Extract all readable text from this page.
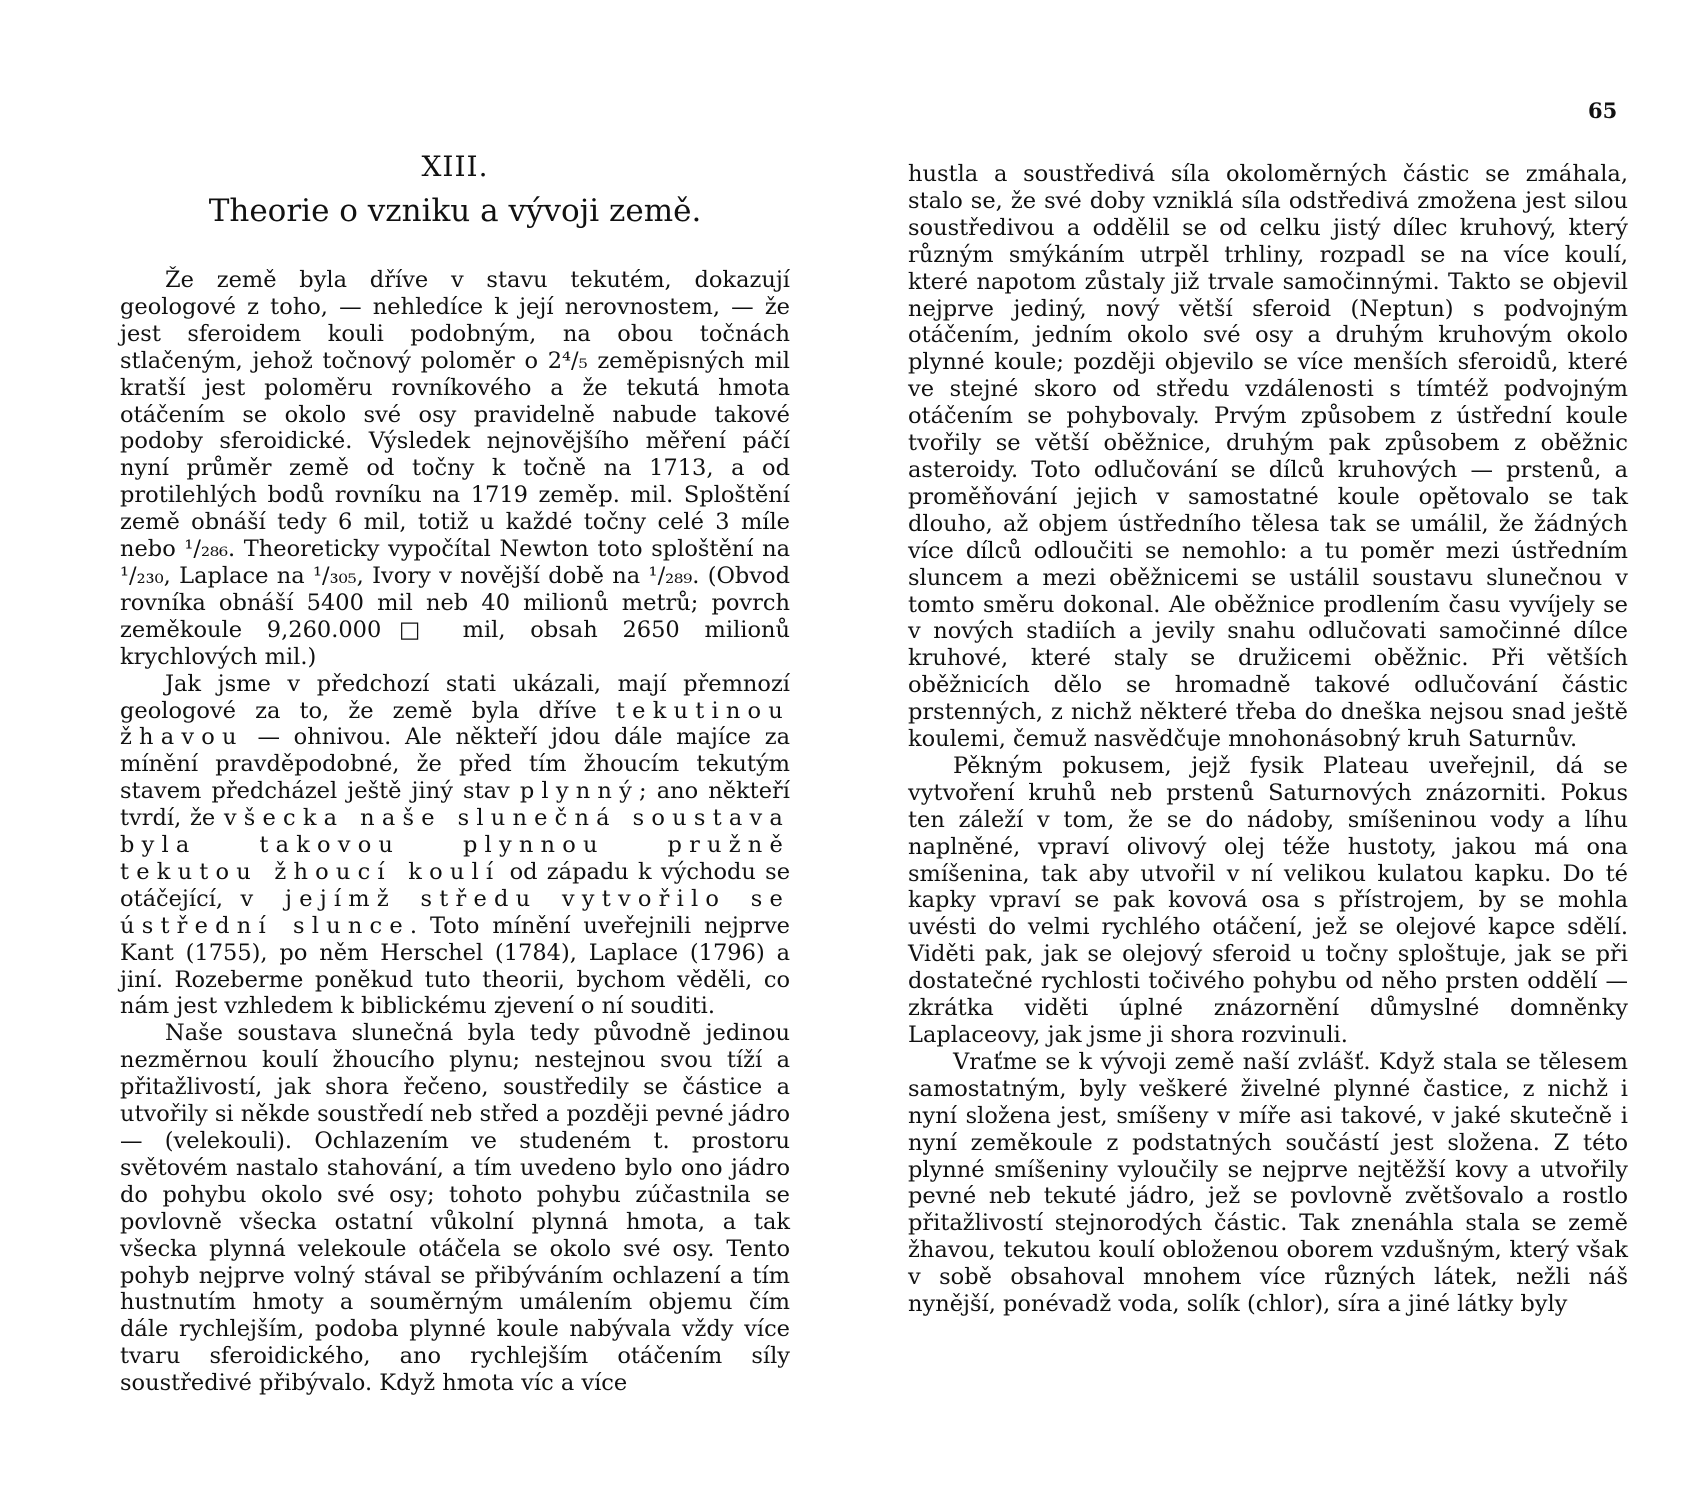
65
XIII.
Theorie o vzniku a vývoji země.

Že země byla dříve v stavu tekutém, dokazují geologové z toho, — nehledíce k její nerovnostem, — že jest sferoidem kouli podobným, na obou točnách stlačeným, jehož točnový poloměr o 2⁴/₅ zeměpisných mil kratší jest poloměru rovníkového a že tekutá hmota otáčením se okolo své osy pravidelně nabude takové podoby sferoidické. Výsledek nejnovějšího měření páčí nyní průměr země od točny k točně na 1713, a od protilehlých bodů rovníku na 1719 zeměp. mil. Sploštění země obnáší tedy 6 mil, totiž u každé točny celé 3 míle nebo ¹/₂₈₆. Theoreticky vypočítal Newton toto sploštění na ¹/₂₃₀, Laplace na ¹/₃₀₅, Ivory v novější době na ¹/₂₈₉. (Obvod rovníka obnáší 5400 mil neb 40 milionů metrů; povrch zeměkoule 9,260.000□ mil, obsah 2650 milionů krychlových mil.)

Jak jsme v předchozí stati ukázali, mají přemnozí geologové za to, že země byla dříve tekutinou žhavou — ohnivou. Ale někteří jdou dále majíce za mínění pravděpodobné, že před tím žhoucím tekutým stavem předcházel ještě jiný stav plynný; ano někteří tvrdí, že všecka naše slunečná soustava byla takovou plynnou pružně tekutou žhoucí koulí od západu k východu se otáčející, v jejímž středu vytvořilo se ústřední slunce. Toto mínění uveřejnili nejprve Kant (1755), po něm Herschel (1784), Laplace (1796) a jiní. Rozeberme poněkud tuto theorii, bychom věděli, co nám jest vzhledem k biblickému zjevení o ní souditi.

Naše soustava slunečná byla tedy původně jedinou nezměrnou koulí žhoucího plynu; nestejnou svou tíží a přitažlivostí, jak shora řečeno, soustředily se částice a utvořily si někde soustředí neb střed a později pevné jádro — (velekouli). Ochlazením ve studeném t. prostoru světovém nastalo stahování, a tím uvedeno bylo ono jádro do pohybu okolo své osy; tohoto pohybu zúčastnila se povlovně všecka ostatní vůkolní plynná hmota, a tak všecka plynná velekoule otáčela se okolo své osy. Tento pohyb nejprve volný stával se přibýváním ochlazení a tím hustnutím hmoty a souměrným umálením objemu čím dále rychlejším, podoba plynné koule nabývala vždy více tvaru sferoidického, ano rychlejším otáčením síly soustředivé přibývalo. Když hmota víc a více

hustla a soustředivá síla okoloměrných částic se zmáhala, stalo se, že své doby vzniklá síla odstředivá zmožena jest silou soustředivou a oddělil se od celku jistý dílec kruhový, který různým smýkáním utrpěl trhliny, rozpadl se na více koulí, které napotom zůstaly již trvale samočinnými. Takto se objevil nejprve jediný, nový větší sferoid (Neptun) s podvojným otáčením, jedním okolo své osy a druhým kruhovým okolo plynné koule; později objevilo se více menších sferoidů, které ve stejné skoro od středu vzdálenosti s tímtéž podvojným otáčením se pohybovaly. Prvým způsobem z ústřední koule tvořily se větší oběžnice, druhým pak způsobem z oběžnic asteroidy. Toto odlučování se dílců kruhových — prstenů, a proměňování jejich v samostatné koule opětovalo se tak dlouho, až objem ústředního tělesa tak se umálil, že žádných více dílců odloučiti se nemohlo: a tu poměr mezi ústředním sluncem a mezi oběžnicemi se ustálil soustavu slunečnou v tomto směru dokonal. Ale oběžnice prodlením času vyvíjely se v nových stadiích a jevily snahu odlučovati samočinné dílce kruhové, které staly se družicemi oběžnic. Při větších oběžnicích dělo se hromadně takové odlučování částic prstenných, z nichž některé třeba do dneška nejsou snad ještě koulemi, čemuž nasvědčuje mnohonásobný kruh Saturnův.

Pěkným pokusem, jejž fysik Plateau uveřejnil, dá se vytvoření kruhů neb prstenů Saturnových znázorniti. Pokus ten záleží v tom, že se do nádoby, smíšeninou vody a líhu naplněné, vpraví olivový olej téže hustoty, jakou má ona smíšenina, tak aby utvořil v ní velikou kulatou kapku. Do té kapky vpraví se pak kovová osa s přístrojem, by se mohla uvésti do velmi rychlého otáčení, jež se olejové kapce sdělí. Viděti pak, jak se olejový sferoid u točny sploštuje, jak se při dostatečné rychlosti točivého pohybu od něho prsten oddělí — zkrátka viděti úplné znázornění důmyslné domněnky Laplaceovy, jak jsme ji shora rozvinuli.

Vraťme se k vývoji země naší zvlášť. Když stala se tělesem samostatným, byly veškeré živelné plynné častice, z nichž i nyní složena jest, smíšeny v míře asi takové, v jaké skutečně i nyní zeměkoule z podstatných součástí jest složena. Z této plynné smíšeniny vyloučily se nejprve nejtěžší kovy a utvořily pevné neb tekuté jádro, jež se povlovně zvětšovalo a rostlo přitažlivostí stejnorodých částic. Tak znenáhla stala se země žhavou, tekutou koulí obloženou oborem vzdušným, který však v sobě obsahoval mnohem více různých látek, nežli náš nynější, ponévadž voda, solík (chlor), síra a jiné látky byly
